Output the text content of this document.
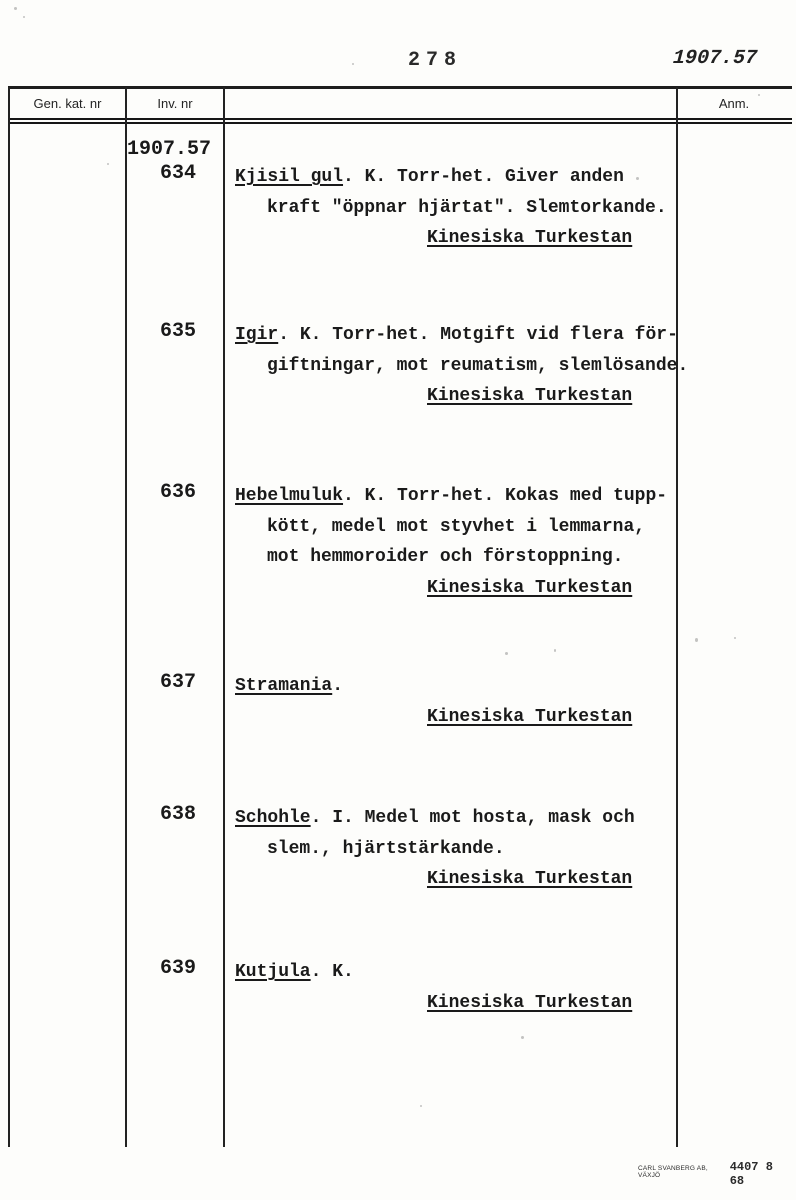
278	1907.57
Gen. kat. nr	Inv. nr	Anm.
1907.57
634 Kjisil gul. K. Torr-het. Giver anden
kraft "öppnar hjärtat". Slemtorkande.
Kinesiska Turkestan
635 Igir. K. Torr-het. Motgift vid flera för-
giftningar, mot reumatism, slemlösande.
Kinesiska Turkestan
636 Hebelmuluk. K. Torr-het. Kokas med tupp-
kött, medel mot styvhet i lemmarna,
mot hemmoroider och förstoppning.
Kinesiska Turkestan
637 Stramania.
Kinesiska Turkestan
638 Schohle. I. Medel mot hosta, mask och
slem., hjärtstärkande.
Kinesiska Turkestan
639 Kutjula. K.
Kinesiska Turkestan
CARL SVANBERG AB, VÄXJÖ
4407 8 68
